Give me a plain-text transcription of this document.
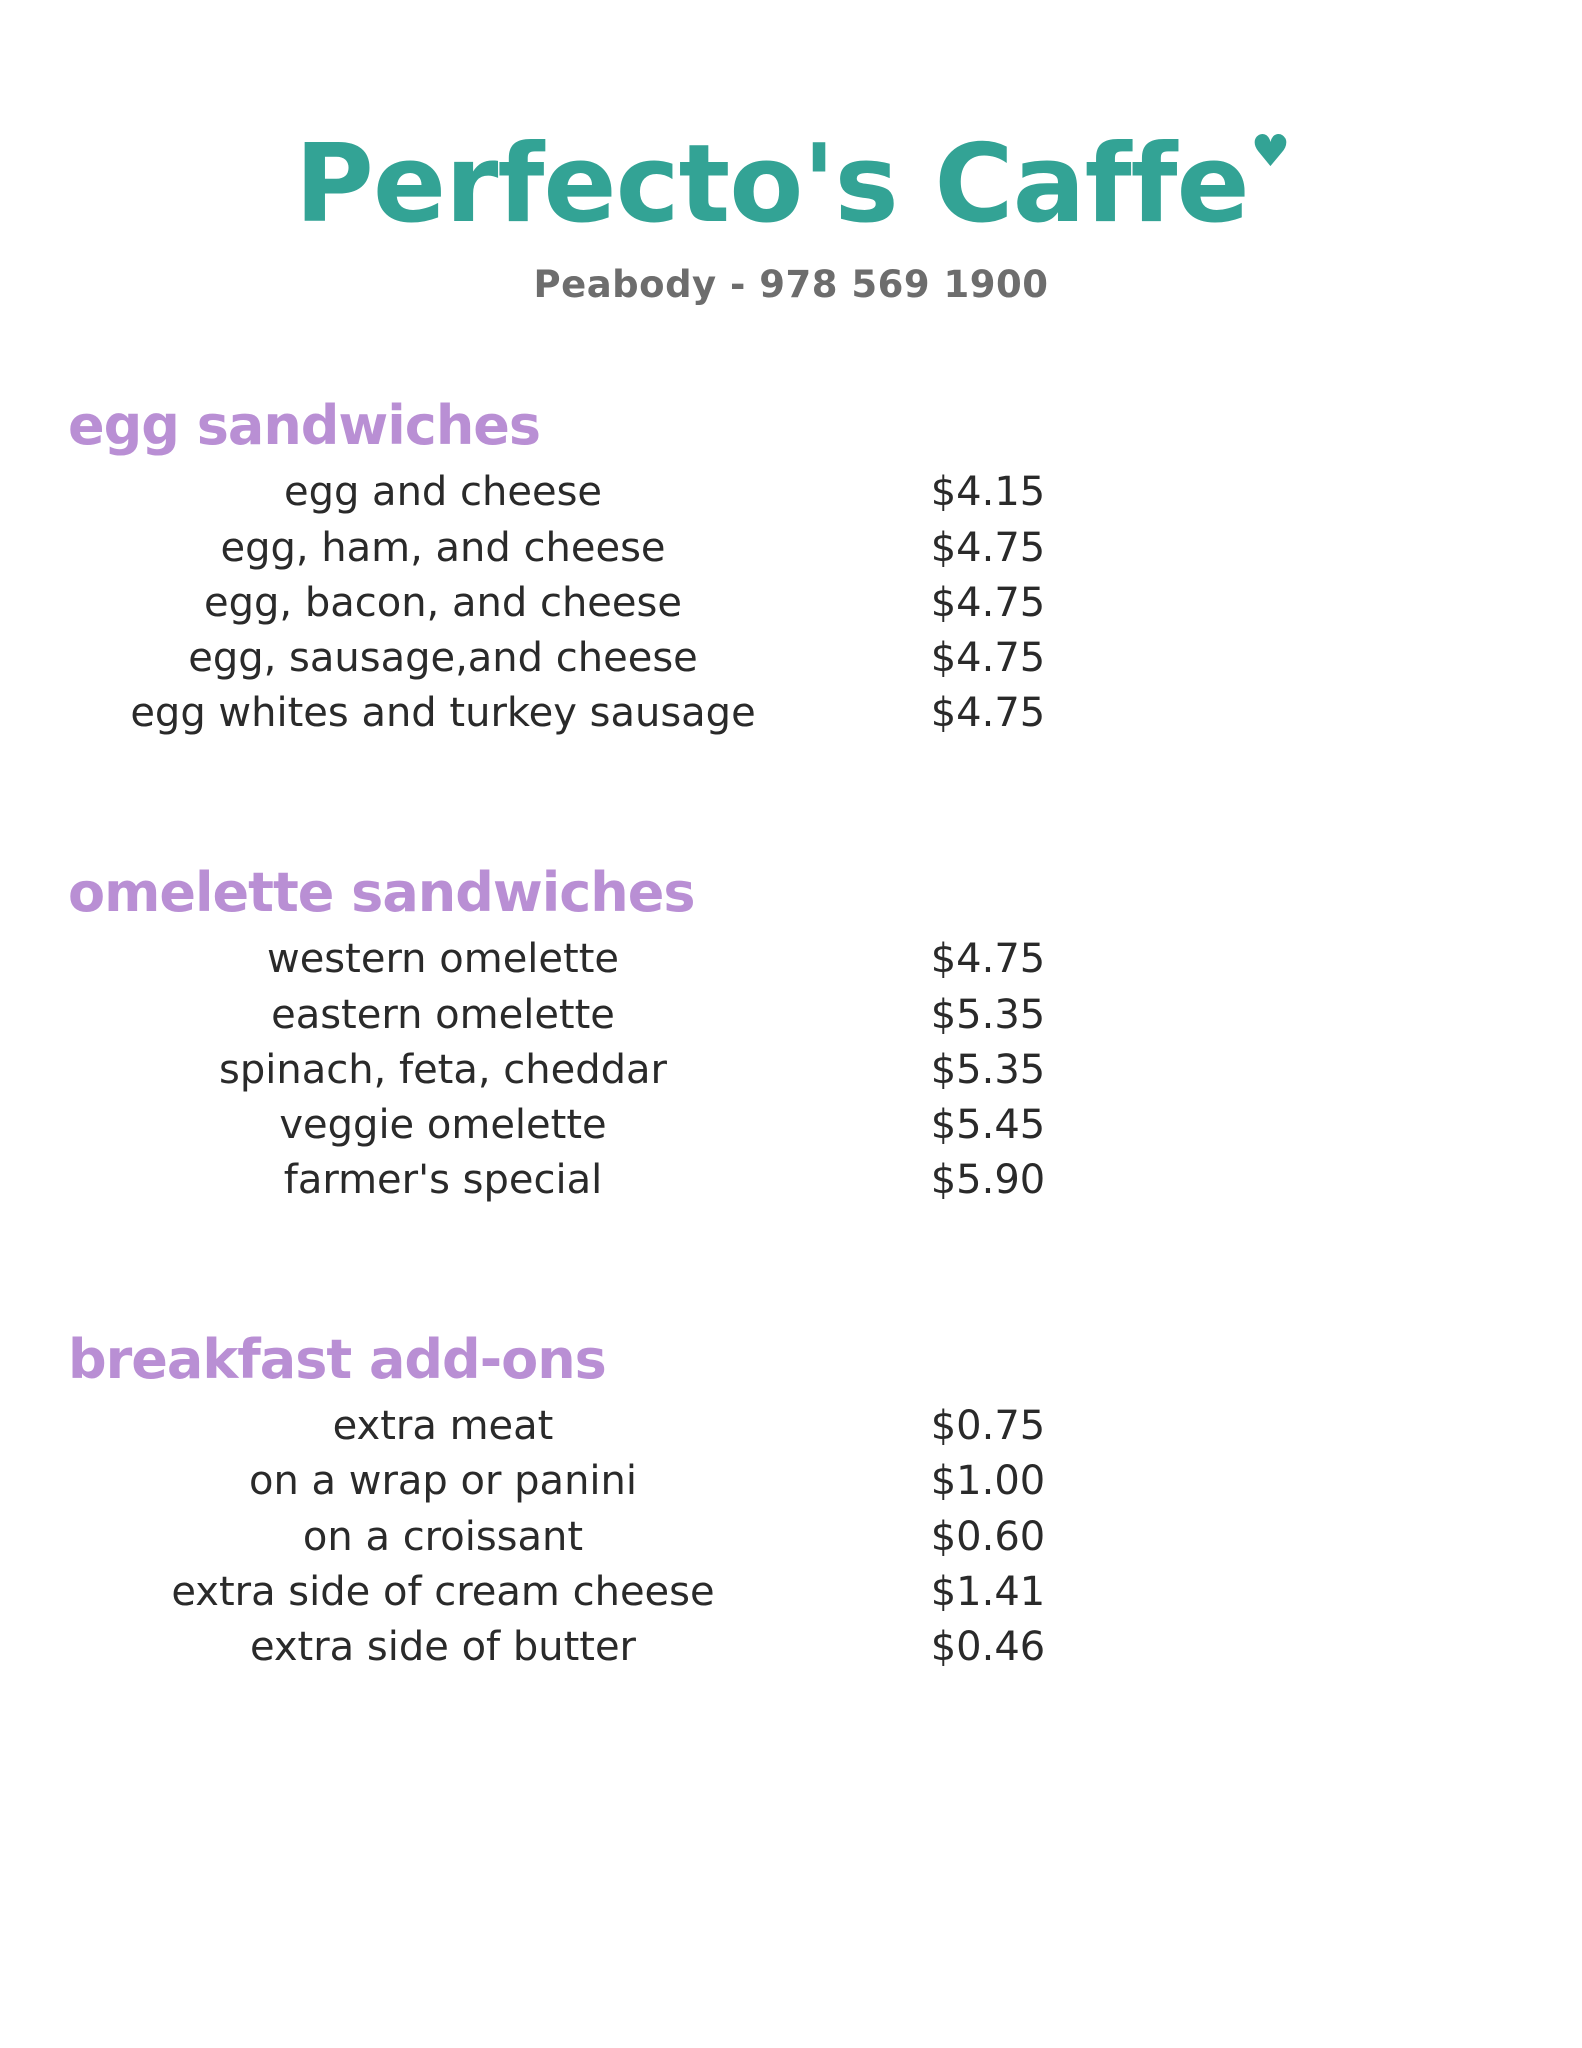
Perfecto's Caffe♥
Peabody - 978 569 1900
egg sandwiches
egg and cheese	$4.15
egg, ham, and cheese	$4.75
egg, bacon, and cheese	$4.75
egg, sausage,and cheese	$4.75
egg whites and turkey sausage	$4.75
omelette sandwiches
western omelette	$4.75
eastern omelette	$5.35
spinach, feta, cheddar	$5.35
veggie omelette	$5.45
farmer's special	$5.90
breakfast add-ons
extra meat	$0.75
on a wrap or panini	$1.00
on a croissant	$0.60
extra side of cream cheese	$1.41
extra side of butter	$0.46
